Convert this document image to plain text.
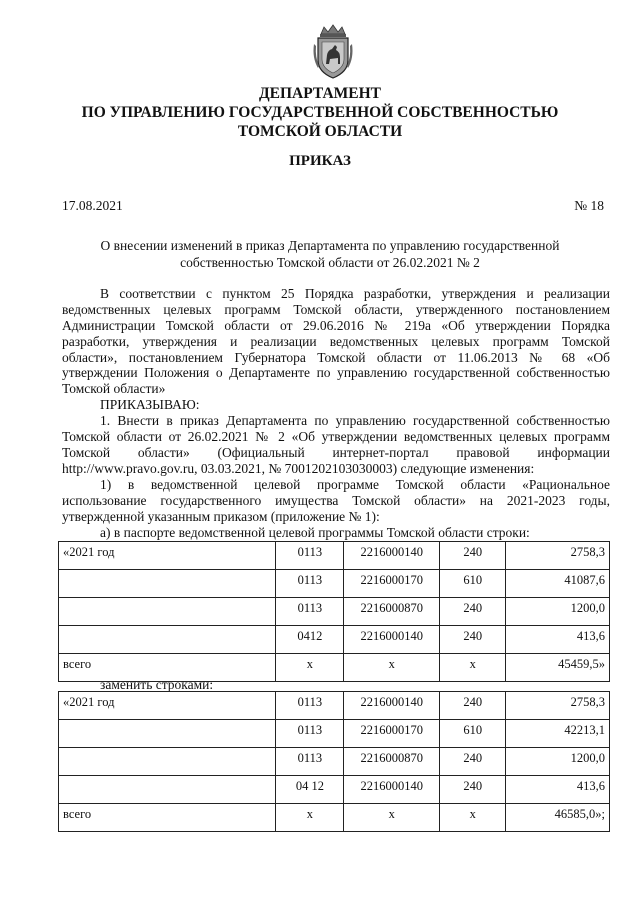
ДЕПАРТАМЕНТ
ПО УПРАВЛЕНИЮ ГОСУДАРСТВЕННОЙ СОБСТВЕННОСТЬЮ
ТОМСКОЙ ОБЛАСТИ
ПРИКАЗ
17.08.2021	№ 18
О внесении изменений в приказ Департамента по управлению государственной
собственностью Томской области от 26.02.2021 № 2
В соответствии с пунктом 25 Порядка разработки, утверждения и реализации
ведомственных целевых программ Томской области, утвержденного постановлением
Администрации Томской области от 29.06.2016 № 219а «Об утверждении Порядка
разработки, утверждения и реализации ведомственных целевых программ Томской
области», постановлением Губернатора Томской области от 11.06.2013 № 68 «Об
утверждении Положения о Департаменте по управлению государственной собственностью
Томской области»
ПРИКАЗЫВАЮ:
1. Внести в приказ Департамента по управлению государственной собственностью
Томской области от 26.02.2021 № 2 «Об утверждении ведомственных целевых программ
Томской области» (Официальный интернет-портал правовой информации
http://www.pravo.gov.ru, 03.03.2021, № 7001202103030003) следующие изменения:
1) в ведомственной целевой программе Томской области «Рациональное
использование государственного имущества Томской области» на 2021-2023 годы,
утвержденной указанным приказом (приложение № 1):
а) в паспорте ведомственной целевой программы Томской области строки:
«2021 год	0113	2216000140	240	2758,3
	0113	2216000170	610	41087,6
	0113	2216000870	240	1200,0
	0412	2216000140	240	413,6
всего	х	х	х	45459,5»
заменить строками:
«2021 год	0113	2216000140	240	2758,3
	0113	2216000170	610	42213,1
	0113	2216000870	240	1200,0
	04 12	2216000140	240	413,6
всего	х	х	х	46585,0»;
